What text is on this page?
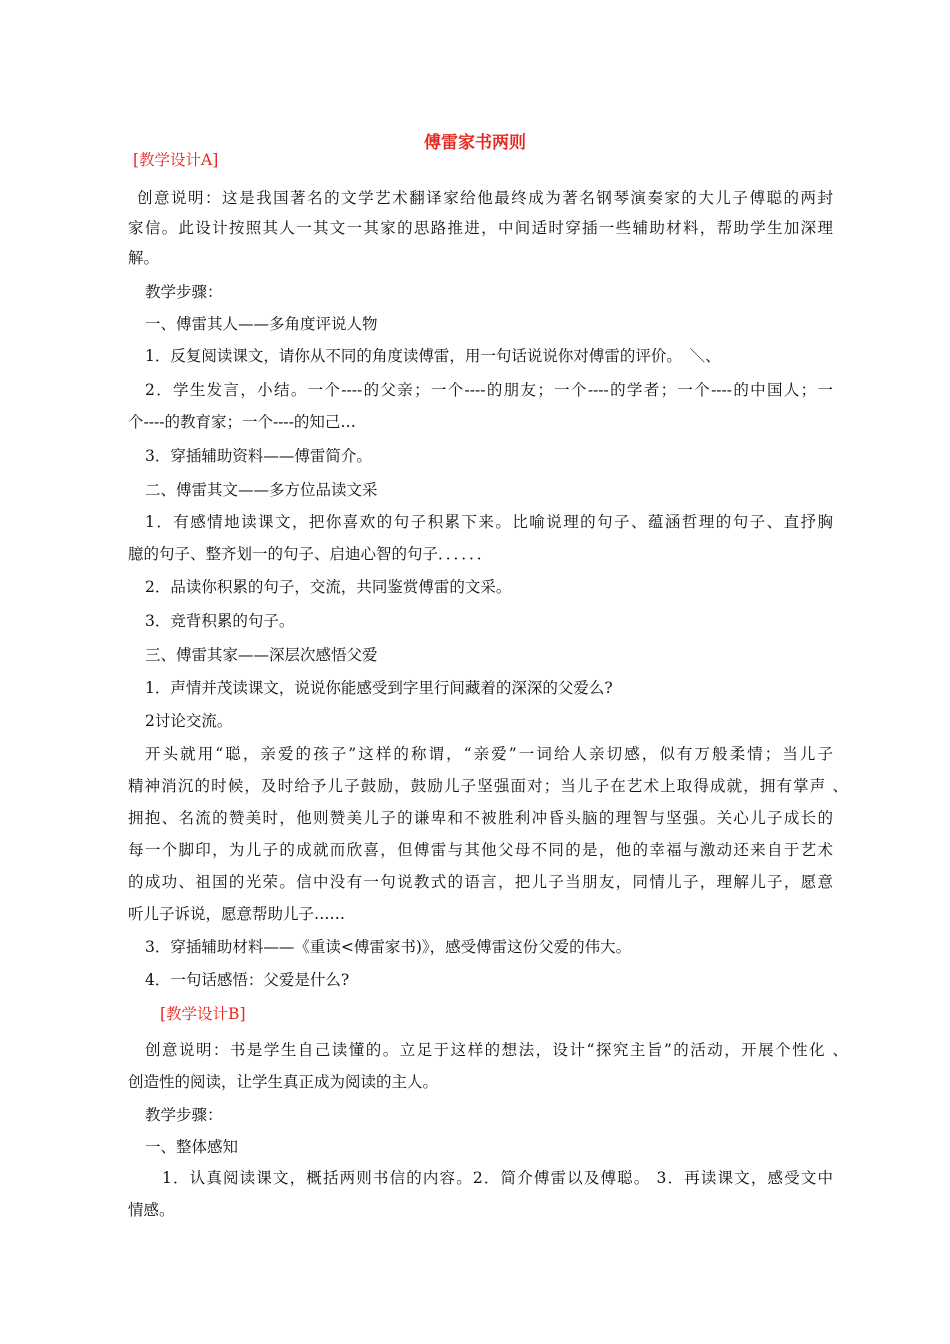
傅雷家书两则
[教学设计A]
创意说明：这是我国著名的文学艺术翻译家给他最终成为著名钢琴演奏家的大儿子傅聪的两封
家信。此设计按照其人一其文一其家的思路推进，中间适时穿插一些辅助材料，帮助学生加深理
解。
教学步骤：
一、傅雷其人——多角度评说人物
1．反复阅读课文，请你从不同的角度读傅雷，用一句话说说你对傅雷的评价。　＼、
2．学生发言，小结。一个----的父亲；一个----的朋友；一个----的学者；一个----的中国人；一
个----的教育家；一个----的知己…
3．穿插辅助资料——傅雷简介。
二、傅雷其文——多方位品读文采
1．有感情地读课文，把你喜欢的句子积累下来。比喻说理的句子、蕴涵哲理的句子、直抒胸
臆的句子、整齐划一的句子、启迪心智的句子．．．．．．
2．品读你积累的句子，交流，共同鉴赏傅雷的文采。
3．竞背积累的句子。
三、傅雷其家——深层次感悟父爱
1．声情并茂读课文，说说你能感受到字里行间藏着的深深的父爱么?
2讨论交流。
开头就用“聪，亲爱的孩子”这样的称谓，“亲爱”一词给人亲切感，似有万般柔情；当儿子
精神消沉的时候，及时给予儿子鼓励，鼓励儿子坚强面对；当儿子在艺术上取得成就，拥有掌声 、
拥抱、名流的赞美时，他则赞美儿子的谦卑和不被胜利冲昏头脑的理智与坚强。关心儿子成长的
每一个脚印，为儿子的成就而欣喜，但傅雷与其他父母不同的是，他的幸福与激动还来自于艺术
的成功、祖国的光荣。信中没有一句说教式的语言，把儿子当朋友，同情儿子，理解儿子，愿意
听儿子诉说，愿意帮助儿子……
3．穿插辅助材料——《重读<傅雷家书)》，感受傅雷这份父爱的伟大。
4．一句话感悟：父爱是什么?
[教学设计B]
创意说明：书是学生自己读懂的。立足于这样的想法，设计“探究主旨”的活动，开展个性化 、
创造性的阅读，让学生真正成为阅读的主人。
教学步骤：
一、整体感知
1．认真阅读课文，概括两则书信的内容。2．简介傅雷以及傅聪。 3．再读课文，感受文中
情感。
